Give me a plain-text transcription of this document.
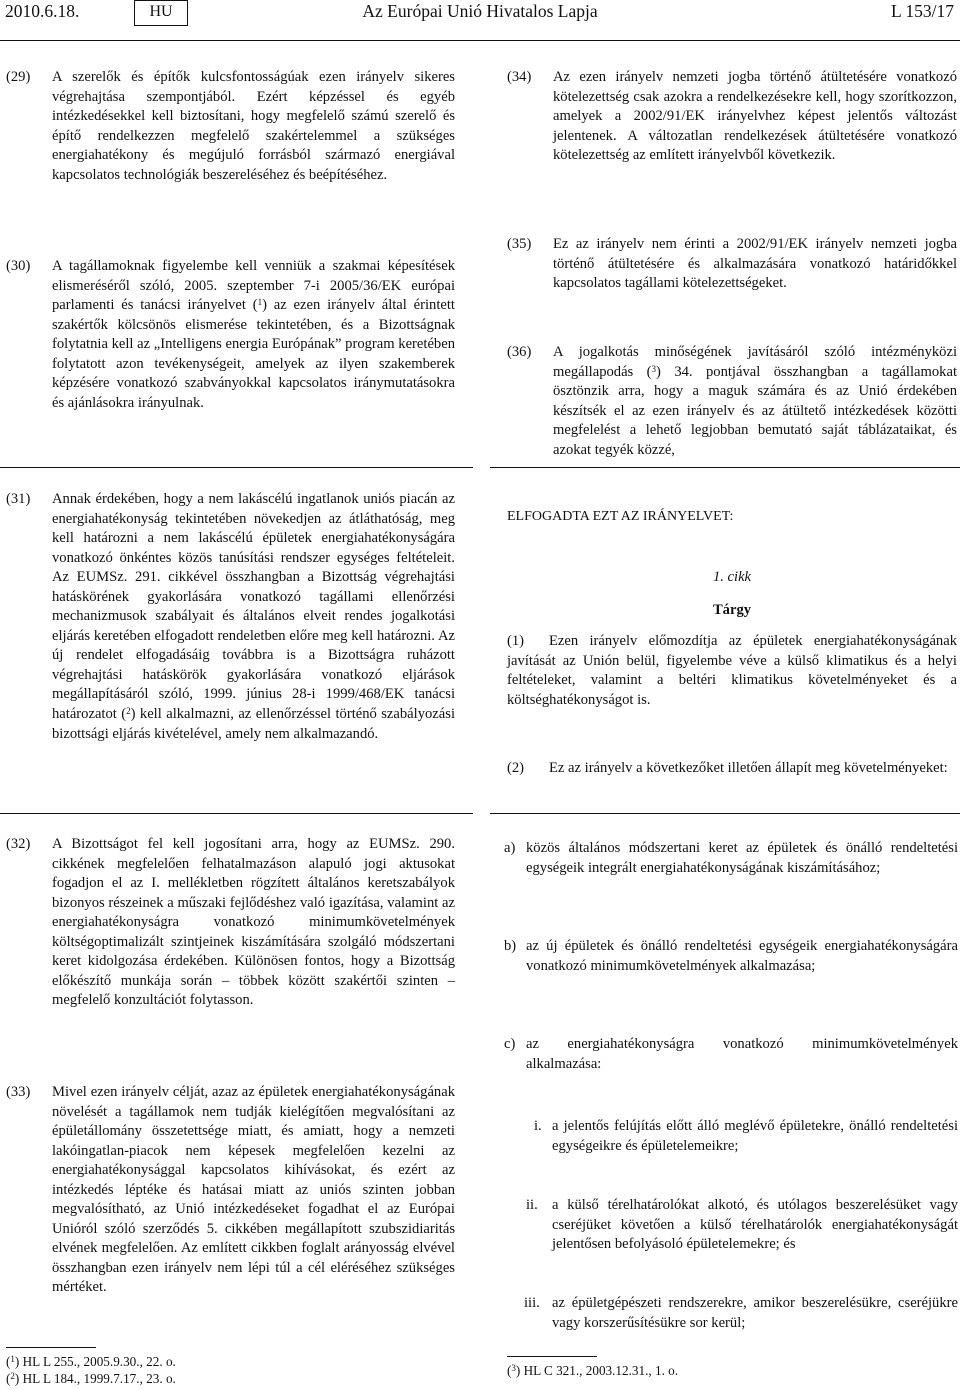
2010.6.18.	HU	Az Európai Unió Hivatalos Lapja	L 153/17
(29) A szerelők és építők kulcsfontosságúak ezen irányelv sikeres végrehajtása szempontjából. Ezért képzéssel és egyéb intézkedésekkel kell biztosítani, hogy megfelelő számú szerelő és építő rendelkezzen megfelelő szakértelemmel a szükséges energiahatékony és megújuló forrásból származó energiával kapcsolatos technológiák beszereléséhez és beépítéséhez.
(30) A tagállamoknak figyelembe kell venniük a szakmai képesítések elismeréséről szóló, 2005. szeptember 7-i 2005/36/EK európai parlamenti és tanácsi irányelvet ($^1$) az ezen irányelv által érintett szakértők kölcsönös elismerése tekintetében, és a Bizottságnak folytatnia kell az „Intelligens energia Európának” program keretében folytatott azon tevékenységeit, amelyek az ilyen szakemberek képzésére vonatkozó szabványokkal kapcsolatos iránymutatásokra és ajánlásokra irányulnak.
(31) Annak érdekében, hogy a nem lakáscélú ingatlanok uniós piacán az energiahatékonyság tekintetében növekedjen az átláthatóság, meg kell határozni a nem lakáscélú épületek energiahatékonyságára vonatkozó önkéntes közös tanúsítási rendszer egységes feltételeit. Az EUMSz. 291. cikkével összhangban a Bizottság végrehajtási hatáskörének gyakorlására vonatkozó tagállami ellenőrzési mechanizmusok szabályait és általános elveit rendes jogalkotási eljárás keretében elfogadott rendeletben előre meg kell határozni. Az új rendelet elfogadásáig továbbra is a Bizottságra ruházott végrehajtási hatáskörök gyakorlására vonatkozó eljárások megállapításáról szóló, 1999. június 28-i 1999/468/EK tanácsi határozatot ($^2$) kell alkalmazni, az ellenőrzéssel történő szabályozási bizottsági eljárás kivételével, amely nem alkalmazandó.
(32) A Bizottságot fel kell jogosítani arra, hogy az EUMSz. 290. cikkének megfelelően felhatalmazáson alapuló jogi aktusokat fogadjon el az I. mellékletben rögzített általános keretszabályok bizonyos részeinek a műszaki fejlődéshez való igazítása, valamint az energiahatékonyságra vonatkozó minimumkövetelmények költségoptimalizált szintjeinek kiszámítására szolgáló módszertani keret kidolgozása érdekében. Különösen fontos, hogy a Bizottság előkészítő munkája során – többek között szakértői szinten – megfelelő konzultációt folytasson.
(33) Mivel ezen irányelv célját, azaz az épületek energiahatékonyságának növelését a tagállamok nem tudják kielégítően megvalósítani az épületállomány összetettsége miatt, és amiatt, hogy a nemzeti lakóingatlan-piacok nem képesek megfelelően kezelni az energiahatékonysággal kapcsolatos kihívásokat, és ezért az intézkedés léptéke és hatásai miatt az uniós szinten jobban megvalósítható, az Unió intézkedéseket fogadhat el az Európai Unióról szóló szerződés 5. cikkében megállapított szubszidiaritás elvének megfelelően. Az említett cikkben foglalt arányosság elvével összhangban ezen irányelv nem lépi túl a cél eléréséhez szükséges mértéket.
($^1$) HL L 255., 2005.9.30., 22. o.
($^2$) HL L 184., 1999.7.17., 23. o.
(34) Az ezen irányelv nemzeti jogba történő átültetésére vonatkozó kötelezettség csak azokra a rendelkezésekre kell, hogy szorítkozzon, amelyek a 2002/91/EK irányelvhez képest jelentős változást jelentenek. A változatlan rendelkezések átültetésére vonatkozó kötelezettség az említett irányelvből következik.
(35) Ez az irányelv nem érinti a 2002/91/EK irányelv nemzeti jogba történő átültetésére és alkalmazására vonatkozó határidőkkel kapcsolatos tagállami kötelezettségeket.
(36) A jogalkotás minőségének javításáról szóló intézményközi megállapodás ($^3$) 34. pontjával összhangban a tagállamokat ösztönzik arra, hogy a maguk számára és az Unió érdekében készítsék el az ezen irányelv és az átültető intézkedések közötti megfelelést a lehető legjobban bemutató saját táblázataikat, és azokat tegyék közzé,
ELFOGADTA EZT AZ IRÁNYELVET:
1. cikk
Tárgy
(1) Ezen irányelv előmozdítja az épületek energiahatékonyságának javítását az Unión belül, figyelembe véve a külső klimatikus és a helyi feltételeket, valamint a beltéri klimatikus követelményeket és a költséghatékonyságot is.
(2) Ez az irányelv a következőket illetően állapít meg követelményeket:
a) közös általános módszertani keret az épületek és önálló rendeltetési egységeik integrált energiahatékonyságának kiszámításához;
b) az új épületek és önálló rendeltetési egységeik energiahatékonyságára vonatkozó minimumkövetelmények alkalmazása;
c) az energiahatékonyságra vonatkozó minimumkövetelmények alkalmazása:
i. a jelentős felújítás előtt álló meglévő épületekre, önálló rendeltetési egységeikre és épületelemeikre;
ii. a külső térelhatárolókat alkotó, és utólagos beszerelésüket vagy cseréjüket követően a külső térelhatárolók energiahatékonyságát jelentősen befolyásoló épületelemekre; és
iii. az épületgépészeti rendszerekre, amikor beszerelésükre, cseréjükre vagy korszerűsítésükre sor kerül;
($^3$) HL C 321., 2003.12.31., 1. o.
